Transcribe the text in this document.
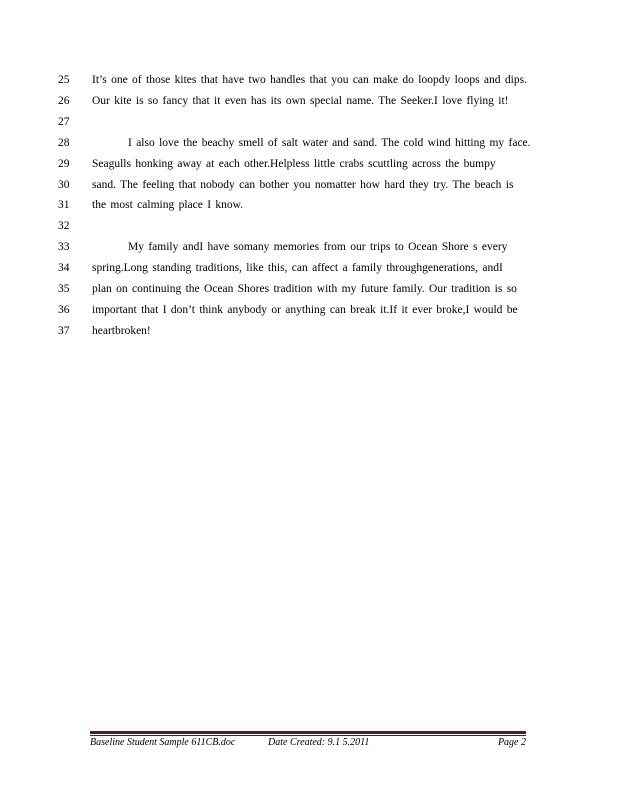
25	It’s one of those kites that have two handles that you can make do loopdy loops and dips.
26	Our kite is so fancy that it even has its own special name. The Seeker.I love flying it!
27
28	I also love the beachy smell of salt water and sand. The cold wind hitting my face.
29	Seagulls honking away at each other.Helpless little crabs scuttling across the bumpy
30	sand. The feeling that nobody can bother you nomatter how hard they try. The beach is
31	the most calming place I know.
32
33	My family andI have somany memories from our trips to Ocean Shore s every
34	spring.Long standing traditions, like this, can affect a family throughgenerations, andI
35	plan on continuing the Ocean Shores tradition with my future family. Our tradition is so
36	important that I don’t think anybody or anything can break it.If it ever broke,I would be
37	heartbroken!
Baseline Student Sample 611CB.doc	Date Created: 9.1 5.2011	Page 2
